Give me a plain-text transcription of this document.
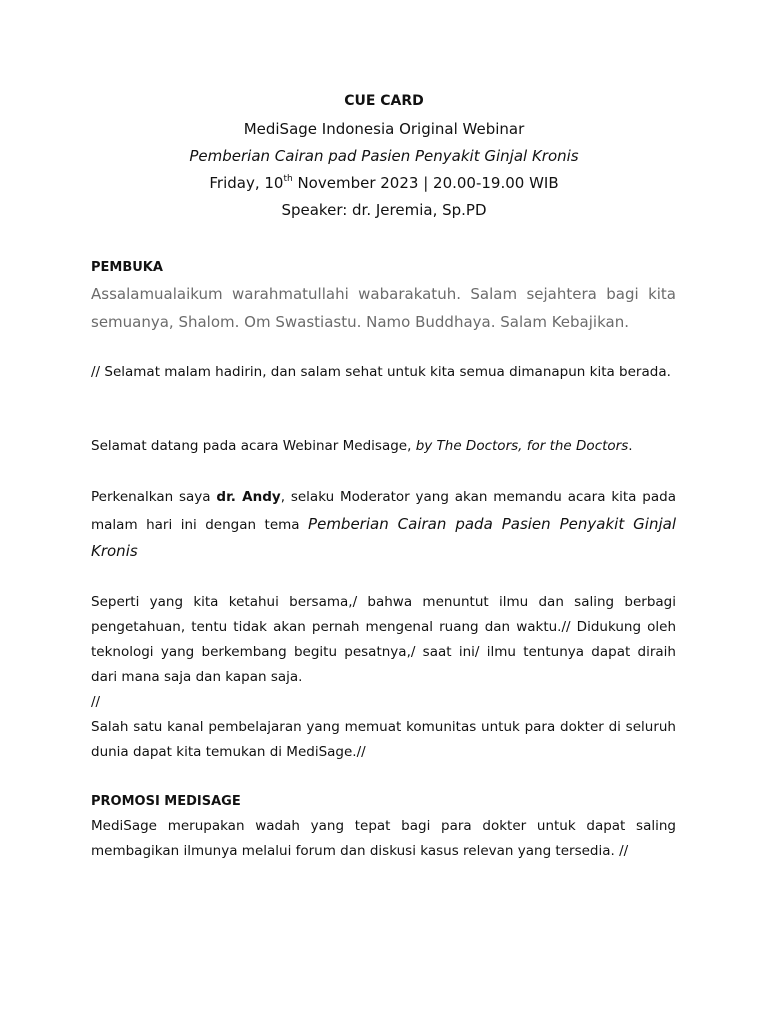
CUE CARD
MediSage Indonesia Original Webinar
Pemberian Cairan pad Pasien Penyakit Ginjal Kronis
Friday, 10th November 2023 | 20.00-19.00 WIB
Speaker: dr. Jeremia, Sp.PD
PEMBUKA
Assalamualaikum warahmatullahi wabarakatuh. Salam sejahtera bagi kita semuanya, Shalom. Om Swastiastu. Namo Buddhaya. Salam Kebajikan.
// Selamat malam hadirin, dan salam sehat untuk kita semua dimanapun kita berada.
Selamat datang pada acara Webinar Medisage, by The Doctors, for the Doctors.
Perkenalkan saya dr. Andy, selaku Moderator yang akan memandu acara kita pada malam hari ini dengan tema Pemberian Cairan pada Pasien Penyakit Ginjal Kronis
Seperti yang kita ketahui bersama,/ bahwa menuntut ilmu dan saling berbagi pengetahuan, tentu tidak akan pernah mengenal ruang dan waktu.// Didukung oleh teknologi yang berkembang begitu pesatnya,/ saat ini/ ilmu tentunya dapat diraih dari mana saja dan kapan saja.
//
Salah satu kanal pembelajaran yang memuat komunitas untuk para dokter di seluruh dunia dapat kita temukan di MediSage.//
PROMOSI MEDISAGE
MediSage merupakan wadah yang tepat bagi para dokter untuk dapat saling membagikan ilmunya melalui forum dan diskusi kasus relevan yang tersedia. //
